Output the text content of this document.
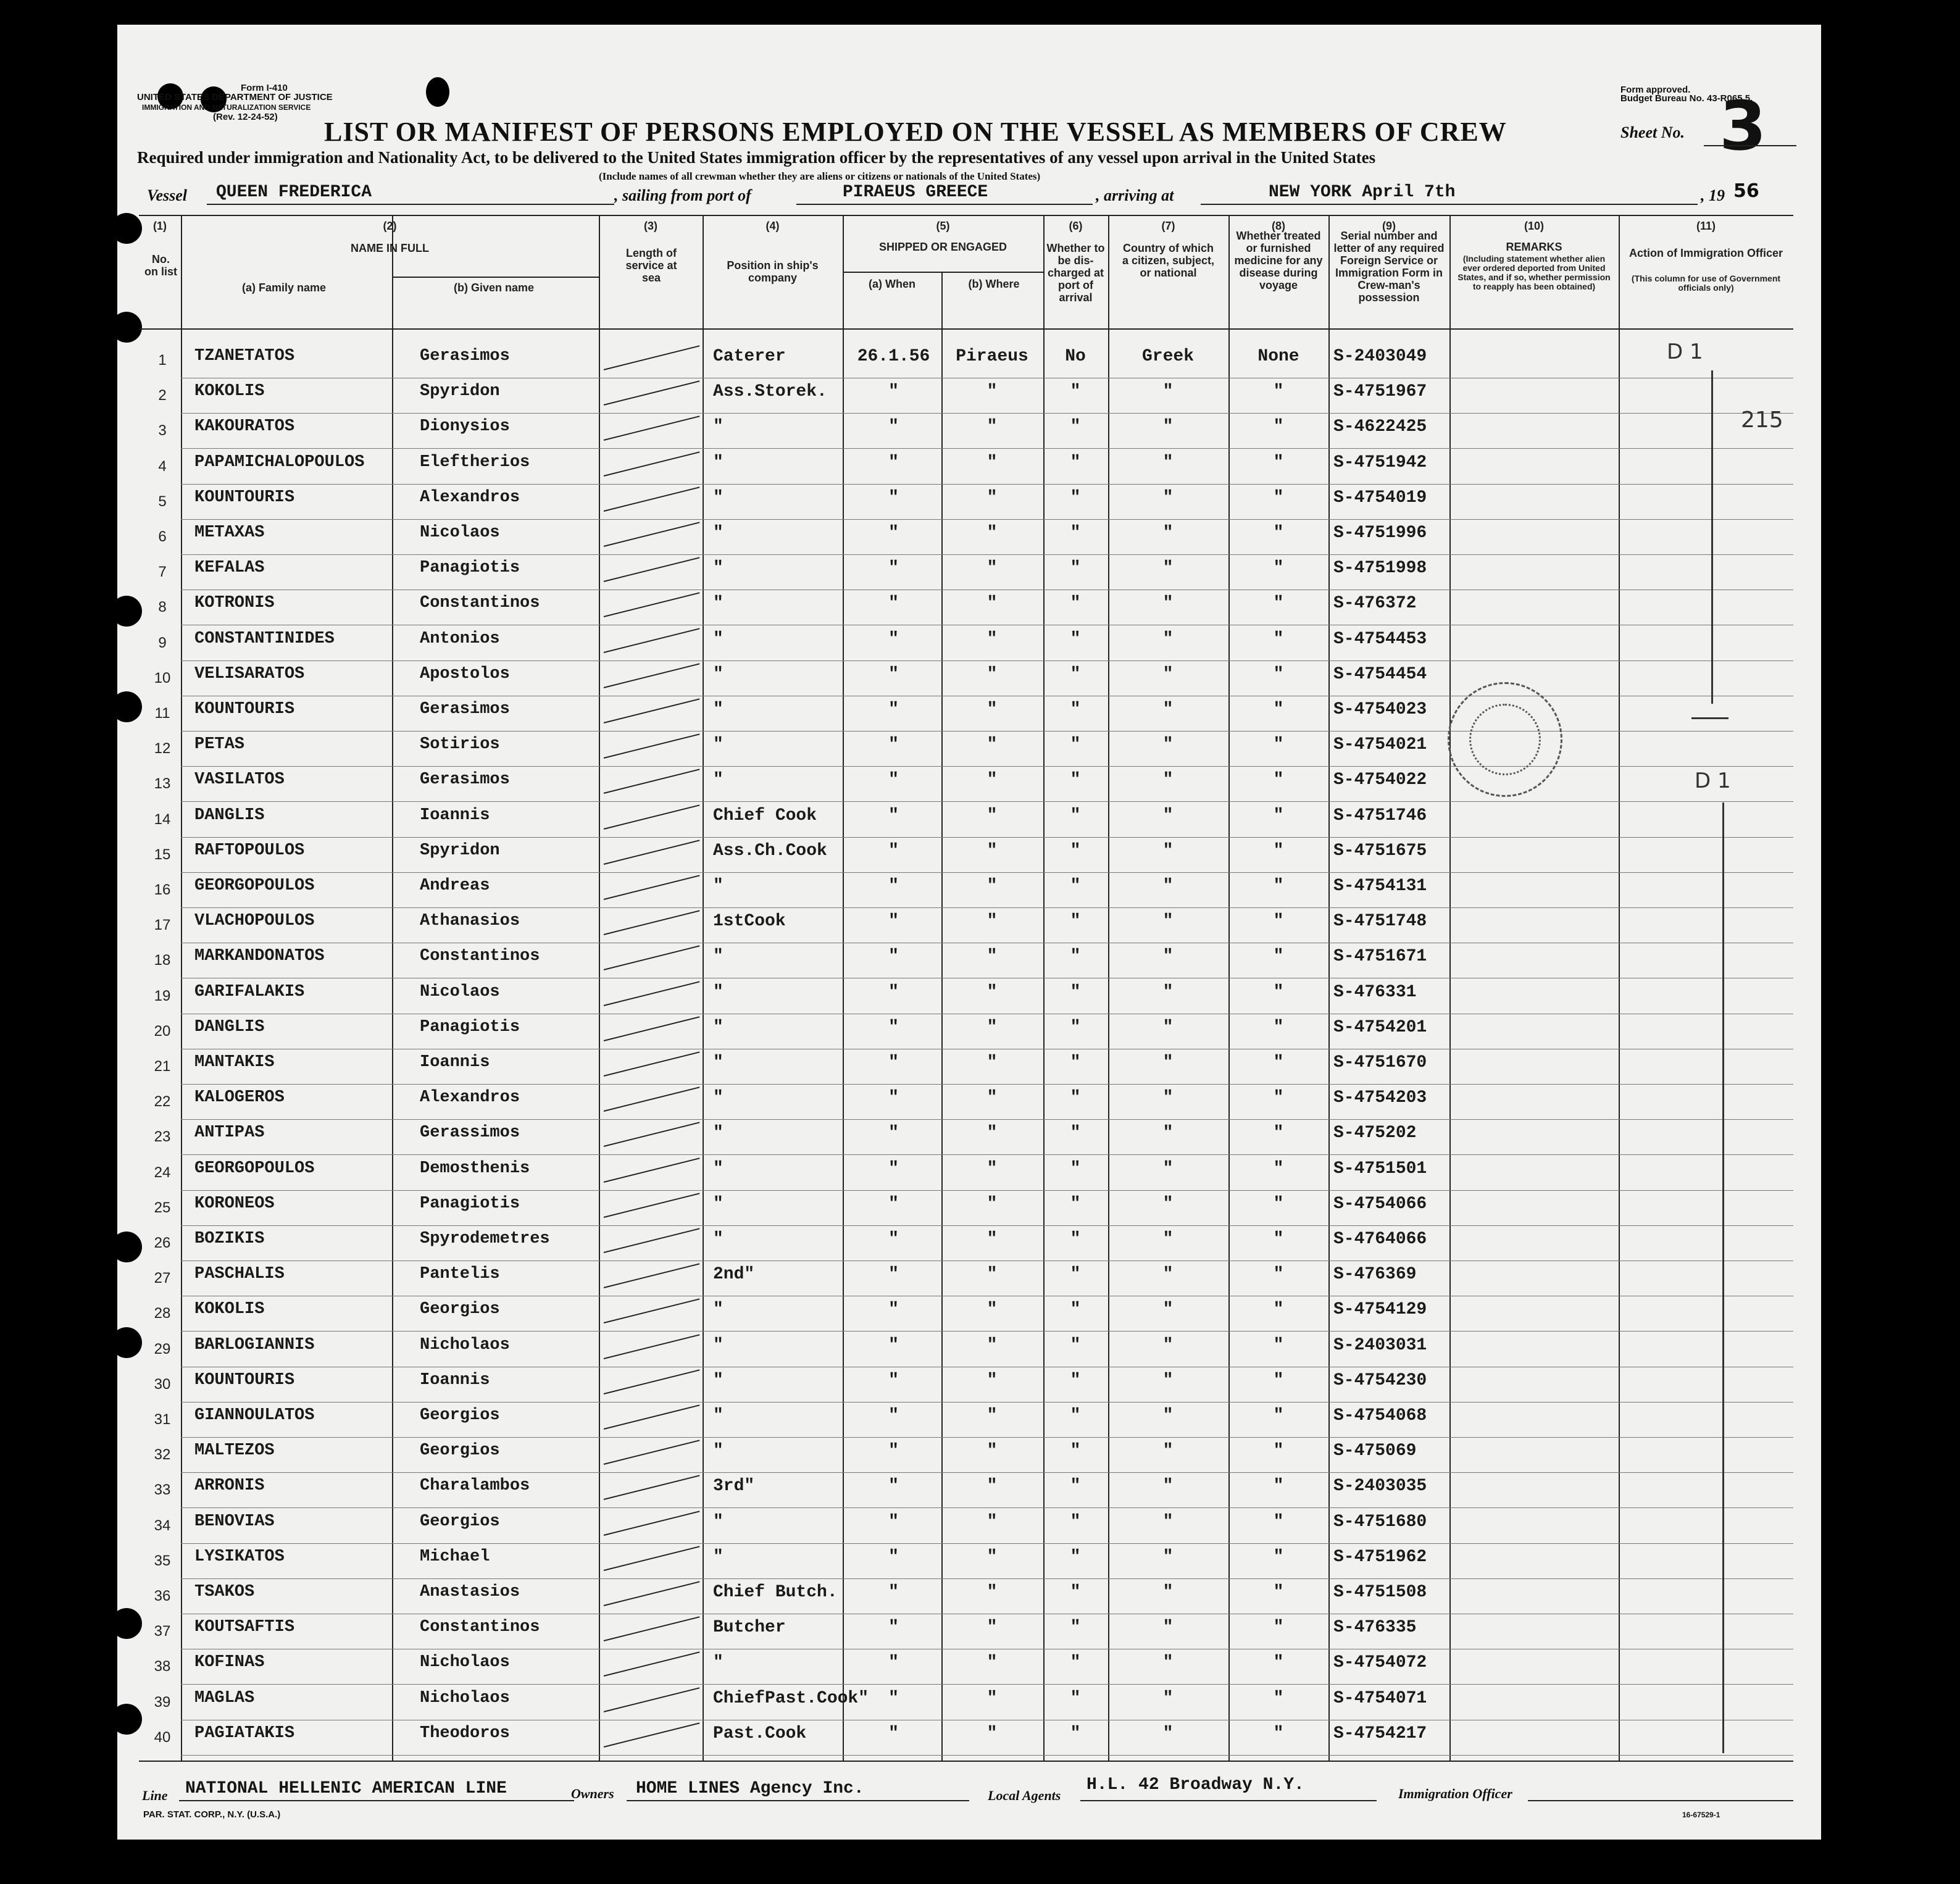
Form I-410
UNITED STATES DEPARTMENT OF JUSTICE
IMMIGRATION AND NATURALIZATION SERVICE
(Rev. 12-24-52)
Form approved.
Budget Bureau No. 43-R065.5.
LIST OR MANIFEST OF PERSONS EMPLOYED ON THE VESSEL AS MEMBERS OF CREW	Sheet No. 3
Required under immigration and Nationality Act, to be delivered to the United States immigration officer by the representatives of any vessel upon arrival in the United States
(Include names of all crewman whether they are aliens or citizens or nationals of the United States)
Vessel QUEEN FREDERICA	, sailing from port of	PIRAEUS GREECE	, arriving at	NEW YORK April 7th	, 19 56
(1)
No. on list
(2)
NAME IN FULL
(a) Family name	(b) Given name
(3)
Length of service at sea
(4)
Position in ship's company
(5)
SHIPPED OR ENGAGED
(a) When	(b) Where
(6)
Whether to be dis-charged at port of arrival
(7)
Country of which a citizen, subject, or national
(8)
Whether treated or furnished medicine for any disease during voyage
(9)
Serial number and letter of any required Foreign Service or Immigration Form in Crew-man's possession
(10)
REMARKS
(Including statement whether alien ever ordered deported from United States, and if so, whether permission to reapply has been obtained)
(11)
Action of Immigration Officer
(This column for use of Government officials only)
1	TZANETATOS	Gerasimos	Caterer	26.1.56	Piraeus	No	Greek	None	S-2403049
2	KOKOLIS	Spyridon	Ass.Storek.	"	"	"	"	"	S-4751967
3	KAKOURATOS	Dionysios	"	"	"	"	"	"	S-4622425
4	PAPAMICHALOPOULOS	Eleftherios	"	"	"	"	"	"	S-4751942
5	KOUNTOURIS	Alexandros	"	"	"	"	"	"	S-4754019
6	METAXAS	Nicolaos	"	"	"	"	"	"	S-4751996
7	KEFALAS	Panagiotis	"	"	"	"	"	"	S-4751998
8	KOTRONIS	Constantinos	"	"	"	"	"	"	S-476372
9	CONSTANTINIDES	Antonios	"	"	"	"	"	"	S-4754453
10	VELISARATOS	Apostolos	"	"	"	"	"	"	S-4754454
11	KOUNTOURIS	Gerasimos	"	"	"	"	"	"	S-4754023
12	PETAS	Sotirios	"	"	"	"	"	"	S-4754021
13	VASILATOS	Gerasimos	"	"	"	"	"	"	S-4754022
14	DANGLIS	Ioannis	Chief Cook	"	"	"	"	"	S-4751746
15	RAFTOPOULOS	Spyridon	Ass.Ch.Cook	"	"	"	"	"	S-4751675
16	GEORGOPOULOS	Andreas	"	"	"	"	"	"	S-4754131
17	VLACHOPOULOS	Athanasios	1stCook	"	"	"	"	"	S-4751748
18	MARKANDONATOS	Constantinos	"	"	"	"	"	"	S-4751671
19	GARIFALAKIS	Nicolaos	"	"	"	"	"	"	S-476331
20	DANGLIS	Panagiotis	"	"	"	"	"	"	S-4754201
21	MANTAKIS	Ioannis	"	"	"	"	"	"	S-4751670
22	KALOGEROS	Alexandros	"	"	"	"	"	"	S-4754203
23	ANTIPAS	Gerassimos	"	"	"	"	"	"	S-475202
24	GEORGOPOULOS	Demosthenis	"	"	"	"	"	"	S-4751501
25	KORONEOS	Panagiotis	"	"	"	"	"	"	S-4754066
26	BOZIKIS	Spyrodemetres	"	"	"	"	"	"	S-4764066
27	PASCHALIS	Pantelis	2nd"	"	"	"	"	"	S-476369
28	KOKOLIS	Georgios	"	"	"	"	"	"	S-4754129
29	BARLOGIANNIS	Nicholaos	"	"	"	"	"	"	S-2403031
30	KOUNTOURIS	Ioannis	"	"	"	"	"	"	S-4754230
31	GIANNOULATOS	Georgios	"	"	"	"	"	"	S-4754068
32	MALTEZOS	Georgios	"	"	"	"	"	"	S-475069
33	ARRONIS	Charalambos	3rd"	"	"	"	"	"	S-2403035
34	BENOVIAS	Georgios	"	"	"	"	"	"	S-4751680
35	LYSIKATOS	Michael	"	"	"	"	"	"	S-4751962
36	TSAKOS	Anastasios	Chief Butch.	"	"	"	"	"	S-4751508
37	KOUTSAFTIS	Constantinos	Butcher	"	"	"	"	"	S-476335
38	KOFINAS	Nicholaos	"	"	"	"	"	"	S-4754072
39	MAGLAS	Nicholaos	ChiefPast.Cook"	"	"	"	"	"	S-4754071
40	PAGIATAKIS	Theodoros	Past.Cook	"	"	"	"	"	S-4754217
D 1
215
D 1
Line NATIONAL HELLENIC AMERICAN LINE	Owners HOME LINES Agency Inc.	Local Agents
H.L. 42 Broadway N.Y.	Immigration Officer
PAR. STAT. CORP., N.Y. (U.S.A.)	16-67529-1
